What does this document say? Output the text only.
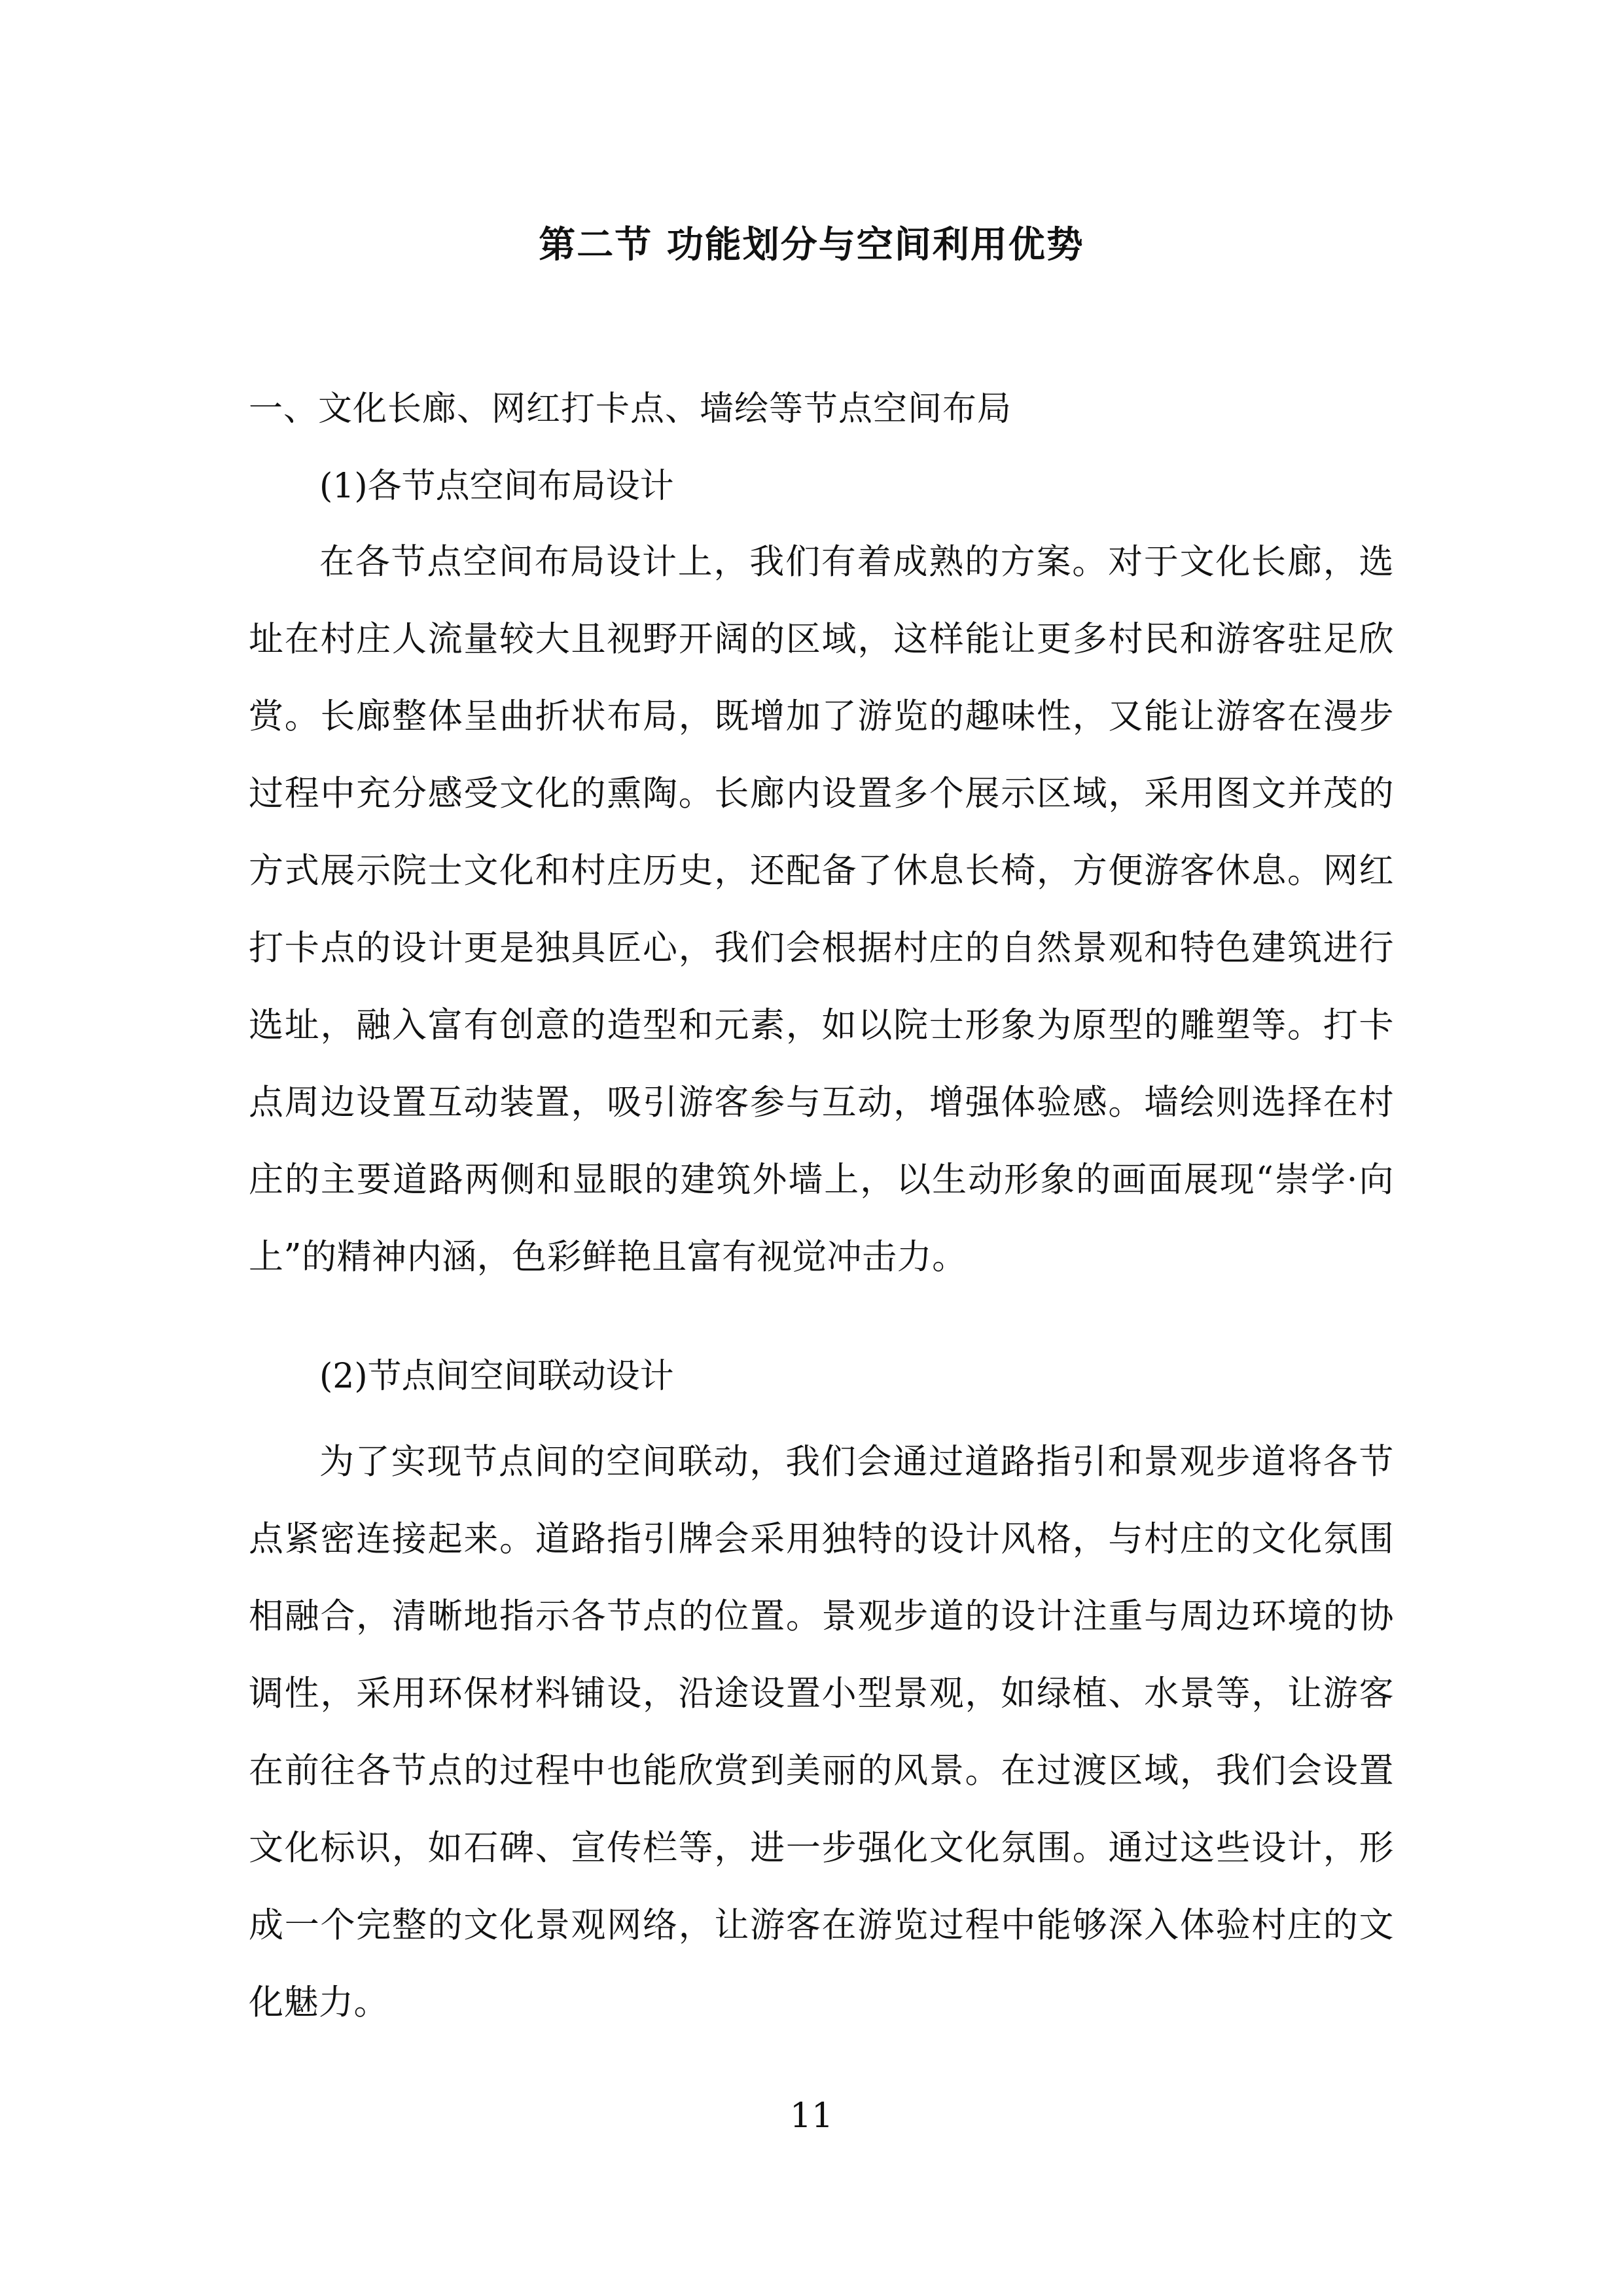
第二节 功能划分与空间利用优势
一、文化长廊、网红打卡点、墙绘等节点空间布局
(1)各节点空间布局设计

在各节点空间布局设计上，我们有着成熟的方案。对于文化长廊，选址在村庄人流量较大且视野开阔的区域，这样能让更多村民和游客驻足欣赏。长廊整体呈曲折状布局，既增加了游览的趣味性，又能让游客在漫步过程中充分感受文化的熏陶。长廊内设置多个展示区域，采用图文并茂的方式展示院士文化和村庄历史，还配备了休息长椅，方便游客休息。网红打卡点的设计更是独具匠心，我们会根据村庄的自然景观和特色建筑进行选址，融入富有创意的造型和元素，如以院士形象为原型的雕塑等。打卡点周边设置互动装置，吸引游客参与互动，增强体验感。墙绘则选择在村庄的主要道路两侧和显眼的建筑外墙上，以生动形象的画面展现“崇学·向上”的精神内涵，色彩鲜艳且富有视觉冲击力。

(2)节点间空间联动设计

为了实现节点间的空间联动，我们会通过道路指引和景观步道将各节点紧密连接起来。道路指引牌会采用独特的设计风格，与村庄的文化氛围相融合，清晰地指示各节点的位置。景观步道的设计注重与周边环境的协调性，采用环保材料铺设，沿途设置小型景观，如绿植、水景等，让游客在前往各节点的过程中也能欣赏到美丽的风景。在过渡区域，我们会设置文化标识，如石碑、宣传栏等，进一步强化文化氛围。通过这些设计，形成一个完整的文化景观网络，让游客在游览过程中能够深入体验村庄的文化魅力。

11
